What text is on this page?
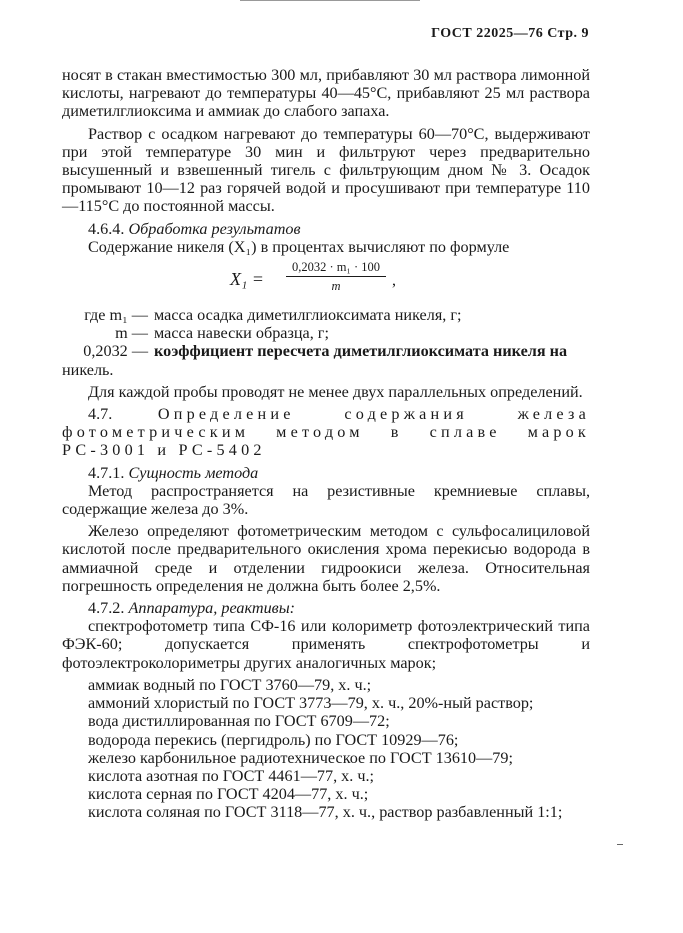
ГОСТ 22025—76 Стр. 9

носят в стакан вместимостью 300 мл, прибавляют 30 мл раствора лимонной кислоты, нагревают до температуры 40—45°С, прибавляют 25 мл раствора диметилглиоксима и аммиак до слабого запаха.

Раствор с осадком нагревают до температуры 60—70°С, выдерживают при этой температуре 30 мин и фильтруют через предварительно высушенный и взвешенный тигель с фильтрующим дном № 3. Осадок промывают 10—12 раз горячей водой и просушивают при температуре 110—115°С до постоянной массы.

4.6.4. Обработка результатов

Содержание никеля (X₁) в процентах вычисляют по формуле

$X_1 = \frac{\text{0,2032 · m₁ · 100}}{m}$ ,
где m₁ — масса осадка диметилглиоксимата никеля, г;
m — масса навески образца, г;
0,2032 — коэффициент пересчета диметилглиоксимата никеля на
никель.

Для каждой пробы проводят не менее двух параллельных определений.

4.7.	Определение содержания железа фотометрическим методом в сплаве марок РС-3001 и РС-5402

4.7.1. Сущность метода

Метод распространяется на резистивные кремниевые сплавы, содержащие железа до 3%.

Железо определяют фотометрическим методом с сульфосалициловой кислотой после предварительного окисления хрома перекисью водорода в аммиачной среде и отделении гидроокиси железа. Относительная погрешность определения не должна быть более 2,5%.

4.7.2. Аппаратура, реактивы:

спектрофотометр типа СФ-16 или колориметр фотоэлектрический типа ФЭК-60; допускается применять спектрофотометры и фотоэлектроколориметры других аналогичных марок;

аммиак водный по ГОСТ 3760—79, х. ч.;
аммоний хлористый по ГОСТ 3773—79, х. ч., 20%-ный раствор;
вода дистиллированная по ГОСТ 6709—72;
водорода перекись (пергидроль) по ГОСТ 10929—76;
железо карбонильное радиотехническое по ГОСТ 13610—79;
кислота азотная по ГОСТ 4461—77, х. ч.;
кислота серная по ГОСТ 4204—77, х. ч.;

кислота соляная по ГОСТ 3118—77, х. ч., раствор разбавленный 1:1;
